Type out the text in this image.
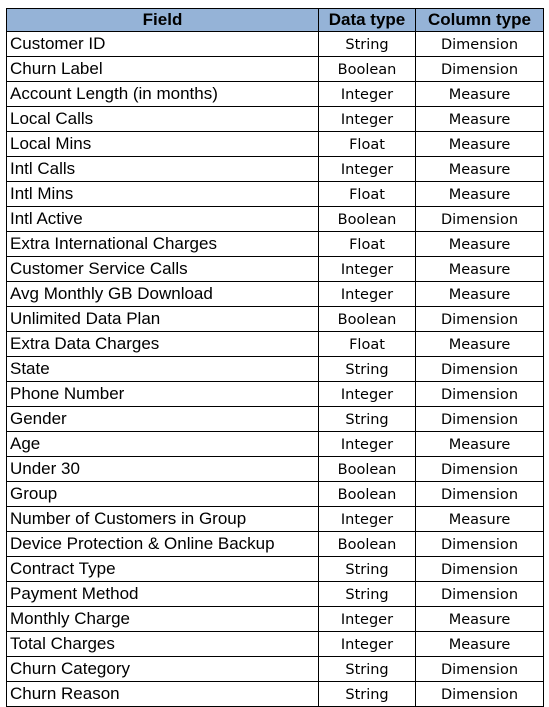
Field	Data type	Column type
Customer ID	String	Dimension
Churn Label	Boolean	Dimension
Account Length (in months)	Integer	Measure
Local Calls	Integer	Measure
Local Mins	Float	Measure
Intl Calls	Integer	Measure
Intl Mins	Float	Measure
Intl Active	Boolean	Dimension
Extra International Charges	Float	Measure
Customer Service Calls	Integer	Measure
Avg Monthly GB Download	Integer	Measure
Unlimited Data Plan	Boolean	Dimension
Extra Data Charges	Float	Measure
State	String	Dimension
Phone Number	Integer	Dimension
Gender	String	Dimension
Age	Integer	Measure
Under 30	Boolean	Dimension
Group	Boolean	Dimension
Number of Customers in Group	Integer	Measure
Device Protection & Online Backup	Boolean	Dimension
Contract Type	String	Dimension
Payment Method	String	Dimension
Monthly Charge	Integer	Measure
Total Charges	Integer	Measure
Churn Category	String	Dimension
Churn Reason	String	Dimension
